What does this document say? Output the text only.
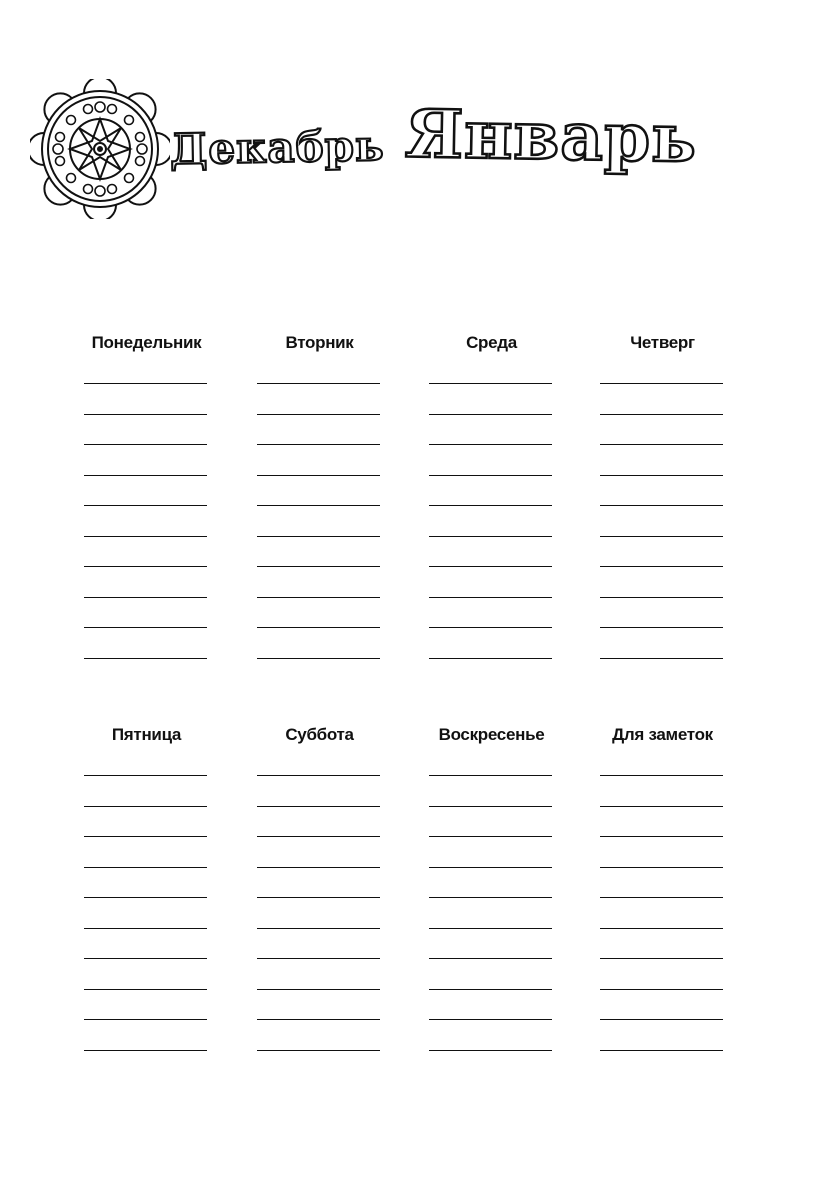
Декабрь Январь
Понедельник	Вторник	Среда	Четверг
Пятница	Суббота	Воскресенье	Для заметок
